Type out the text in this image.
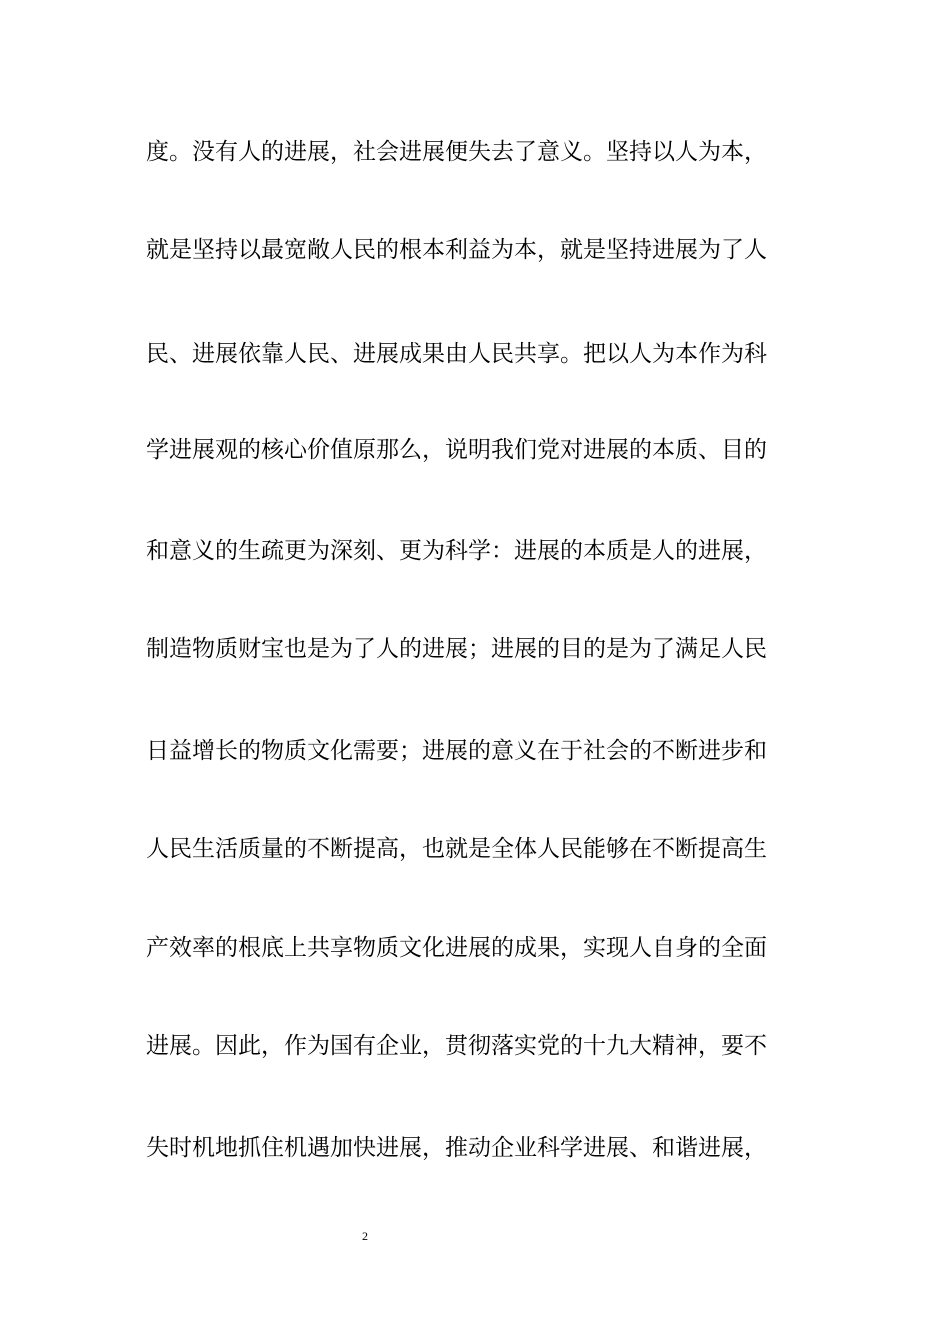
度。没有人的进展，社会进展便失去了意义。坚持以人为本，
就是坚持以最宽敞人民的根本利益为本，就是坚持进展为了人
民、进展依靠人民、进展成果由人民共享。把以人为本作为科
学进展观的核心价值原那么，说明我们党对进展的本质、目的
和意义的生疏更为深刻、更为科学：进展的本质是人的进展，
制造物质财宝也是为了人的进展；进展的目的是为了满足人民
日益增长的物质文化需要；进展的意义在于社会的不断进步和
人民生活质量的不断提高，也就是全体人民能够在不断提高生
产效率的根底上共享物质文化进展的成果，实现人自身的全面
进展。因此，作为国有企业，贯彻落实党的十九大精神，要不
失时机地抓住机遇加快进展，推动企业科学进展、和谐进展，
2
